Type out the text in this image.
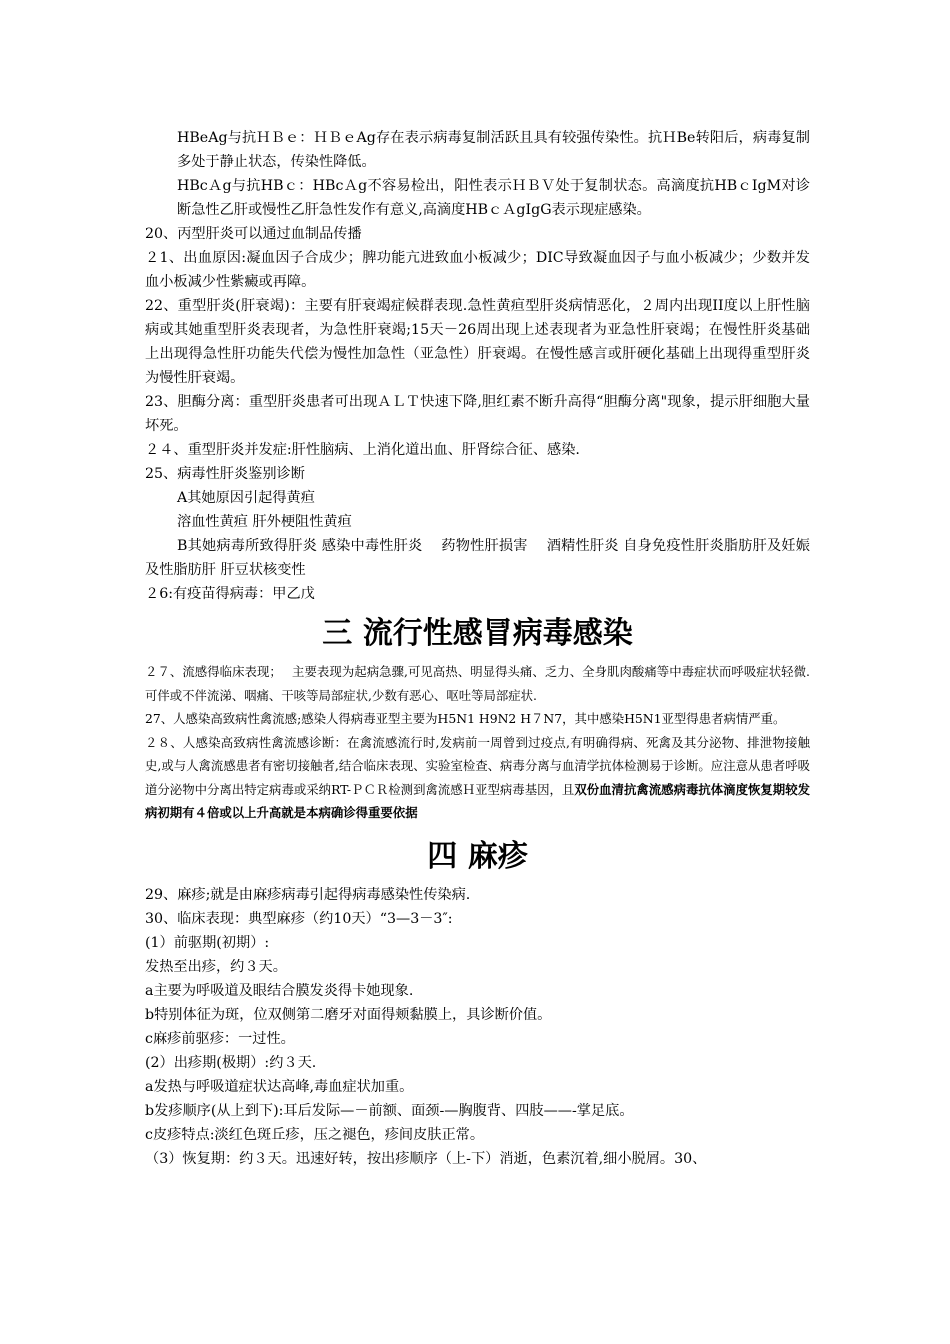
HBeAg与抗ＨＢｅ：ＨＢｅAg存在表示病毒复制活跃且具有较强传染性。抗ＨBe转阳后，病毒复制多处于静止状态，传染性降低。

HBcＡg与抗HBｃ：HBcＡg不容易检出，阳性表示ＨＢＶ处于复制状态。高滴度抗HBｃIgM对诊断急性乙肝或慢性乙肝急性发作有意义,高滴度HBｃＡgIgG表示现症感染。

20、丙型肝炎可以通过血制品传播

２1、出血原因:凝血因子合成少；脾功能亢进致血小板减少；DIC导致凝血因子与血小板减少；少数并发血小板减少性紫癜或再障。

22、重型肝炎(肝衰竭)：主要有肝衰竭症候群表现.急性黄疸型肝炎病情恶化，２周内出现II度以上肝性脑病或其她重型肝炎表现者，为急性肝衰竭;15天－26周出现上述表现者为亚急性肝衰竭；在慢性肝炎基础上出现得急性肝功能失代偿为慢性加急性（亚急性）肝衰竭。在慢性感言或肝硬化基础上出现得重型肝炎为慢性肝衰竭。

23、胆酶分离：重型肝炎患者可出现ＡＬＴ快速下降,胆红素不断升高得“胆酶分离"现象，提示肝细胞大量坏死。

２４、重型肝炎并发症:肝性脑病、上消化道出血、肝肾综合征、感染.

25、病毒性肝炎鉴别诊断

A其她原因引起得黄疸

溶血性黄疸 肝外梗阻性黄疸

B其她病毒所致得肝炎 感染中毒性肝炎　 药物性肝损害　 酒精性肝炎 自身免疫性肝炎脂肪肝及妊娠及性脂肪肝 肝豆状核变性

２6:有疫苗得病毒：甲乙戊

三 流行性感冒病毒感染

２７、流感得临床表现；　 主要表现为起病急骤,可见高热、明显得头痛、乏力、全身肌肉酸痛等中毒症状而呼吸症状轻微.可伴或不伴流涕、咽痛、干咳等局部症状,少数有恶心、呕吐等局部症状.

27、人感染高致病性禽流感;感染人得病毒亚型主要为H5N1 H9N2 H７N7，其中感染H5N1亚型得患者病情严重。

２８、人感染高致病性禽流感诊断：在禽流感流行时,发病前一周曾到过疫点,有明确得病、死禽及其分泌物、排泄物接触史,或与人禽流感患者有密切接触者,结合临床表现、实验室检查、病毒分离与血清学抗体检测易于诊断。应注意从患者呼吸道分泌物中分离出特定病毒或采纳RT-ＰＣＲ检测到禽流感Ｈ亚型病毒基因，且双份血清抗禽流感病毒抗体滴度恢复期较发病初期有４倍或以上升高就是本病确诊得重要依据

四 麻疹

29、麻疹;就是由麻疹病毒引起得病毒感染性传染病.

30、临床表现：典型麻疹（约10天）“3—3－3″:

(1）前驱期(初期）:

发热至出疹，约３天。

a主要为呼吸道及眼结合膜发炎得卡她现象.

b特别体征为斑，位双侧第二磨牙对面得颊黏膜上，具诊断价值。

c麻疹前驱疹：一过性。

(2）出疹期(极期）:约３天.

a发热与呼吸道症状达高峰,毒血症状加重。

b发疹顺序(从上到下):耳后发际—－前额、面颈-—胸腹背、四肢——-掌足底。

c皮疹特点:淡红色斑丘疹，压之褪色，疹间皮肤正常。

（3）恢复期：约３天。迅速好转，按出疹顺序（上-下）消逝，色素沉着,细小脱屑。30、
